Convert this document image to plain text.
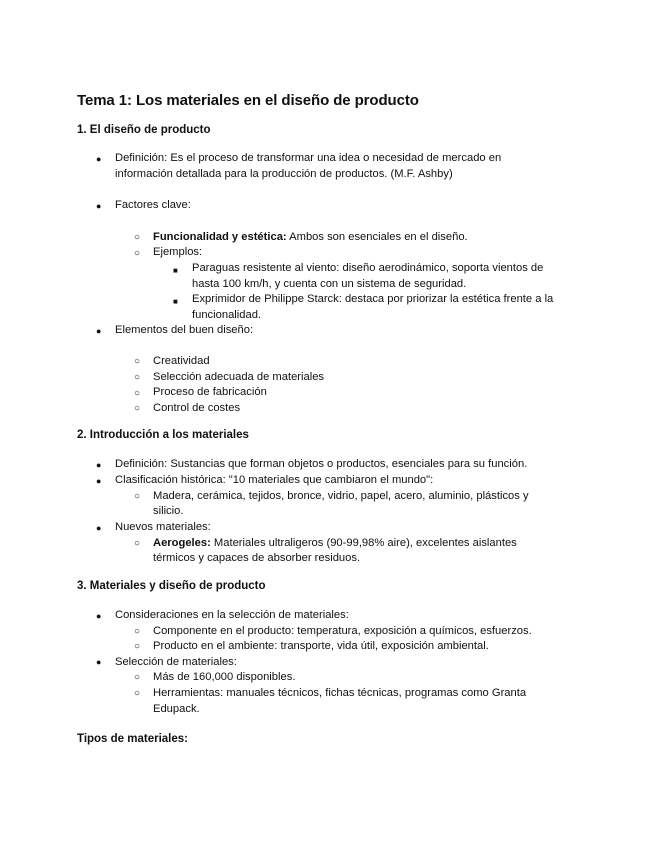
Tema 1: Los materiales en el diseño de producto
1. El diseño de producto
● Definición: Es el proceso de transformar una idea o necesidad de mercado en
información detallada para la producción de productos. (M.F. Ashby)
● Factores clave:
○ Funcionalidad y estética: Ambos son esenciales en el diseño.
○ Ejemplos:
■ Paraguas resistente al viento: diseño aerodinámico, soporta vientos de
hasta 100 km/h, y cuenta con un sistema de seguridad.
■ Exprimidor de Philippe Starck: destaca por priorizar la estética frente a la
funcionalidad.
● Elementos del buen diseño:
○ Creatividad
○ Selección adecuada de materiales
○ Proceso de fabricación
○ Control de costes
2. Introducción a los materiales
● Definición: Sustancias que forman objetos o productos, esenciales para su función.
● Clasificación histórica: "10 materiales que cambiaron el mundo":
○ Madera, cerámica, tejidos, bronce, vidrio, papel, acero, aluminio, plásticos y
silicio.
● Nuevos materiales:
○ Aerogeles: Materiales ultraligeros (90-99,98% aire), excelentes aislantes
térmicos y capaces de absorber residuos.
3. Materiales y diseño de producto
● Consideraciones en la selección de materiales:
○ Componente en el producto: temperatura, exposición a químicos, esfuerzos.
○ Producto en el ambiente: transporte, vida útil, exposición ambiental.
● Selección de materiales:
○ Más de 160,000 disponibles.
○ Herramientas: manuales técnicos, fichas técnicas, programas como Granta
Edupack.
Tipos de materiales:
